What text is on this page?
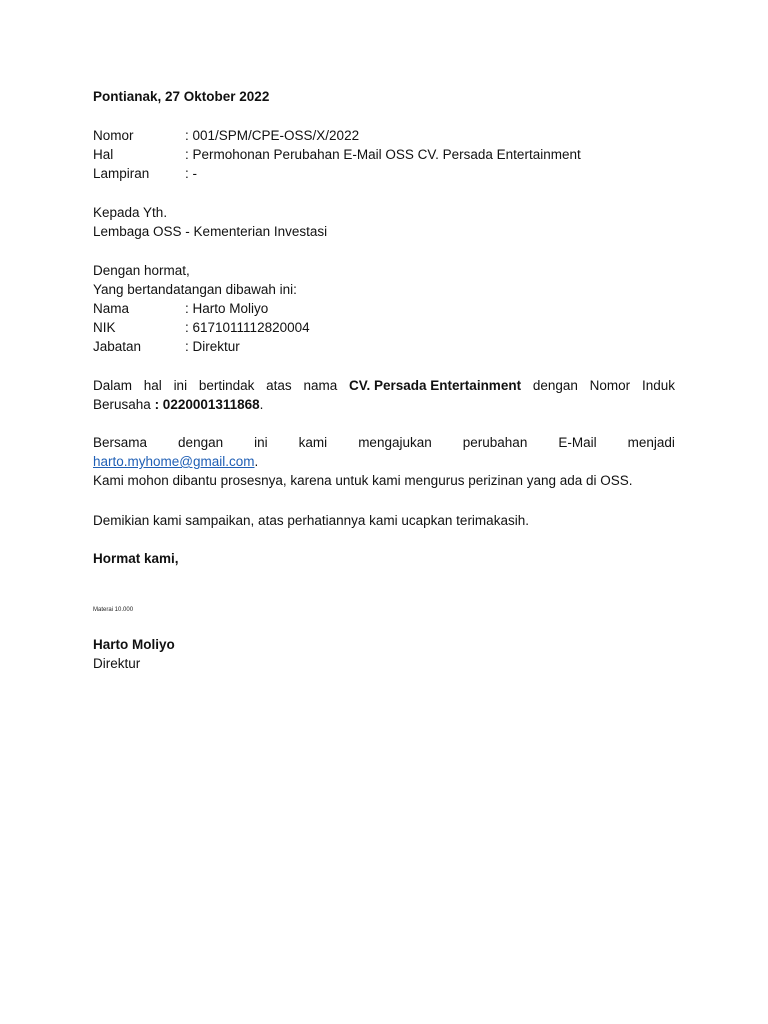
Pontianak, 27 Oktober 2022
Nomor	: 001/SPM/CPE-OSS/X/2022
Hal	: Permohonan Perubahan E-Mail OSS CV. Persada Entertainment
Lampiran	: -
Kepada Yth.
Lembaga OSS - Kementerian Investasi
Dengan hormat,
Yang bertandatangan dibawah ini:
Nama	: Harto Moliyo
NIK	: 6171011112820004
Jabatan	: Direktur
Dalam hal ini bertindak atas nama CV. Persada Entertainment dengan Nomor Induk
Berusaha : 0220001311868.
Bersama dengan ini kami mengajukan perubahan E-Mail menjadi
harto.myhome@gmail.com.
Kami mohon dibantu prosesnya, karena untuk kami mengurus perizinan yang ada di OSS.
Demikian kami sampaikan, atas perhatiannya kami ucapkan terimakasih.
Hormat kami,
Materai 10.000
Harto Moliyo
Direktur
